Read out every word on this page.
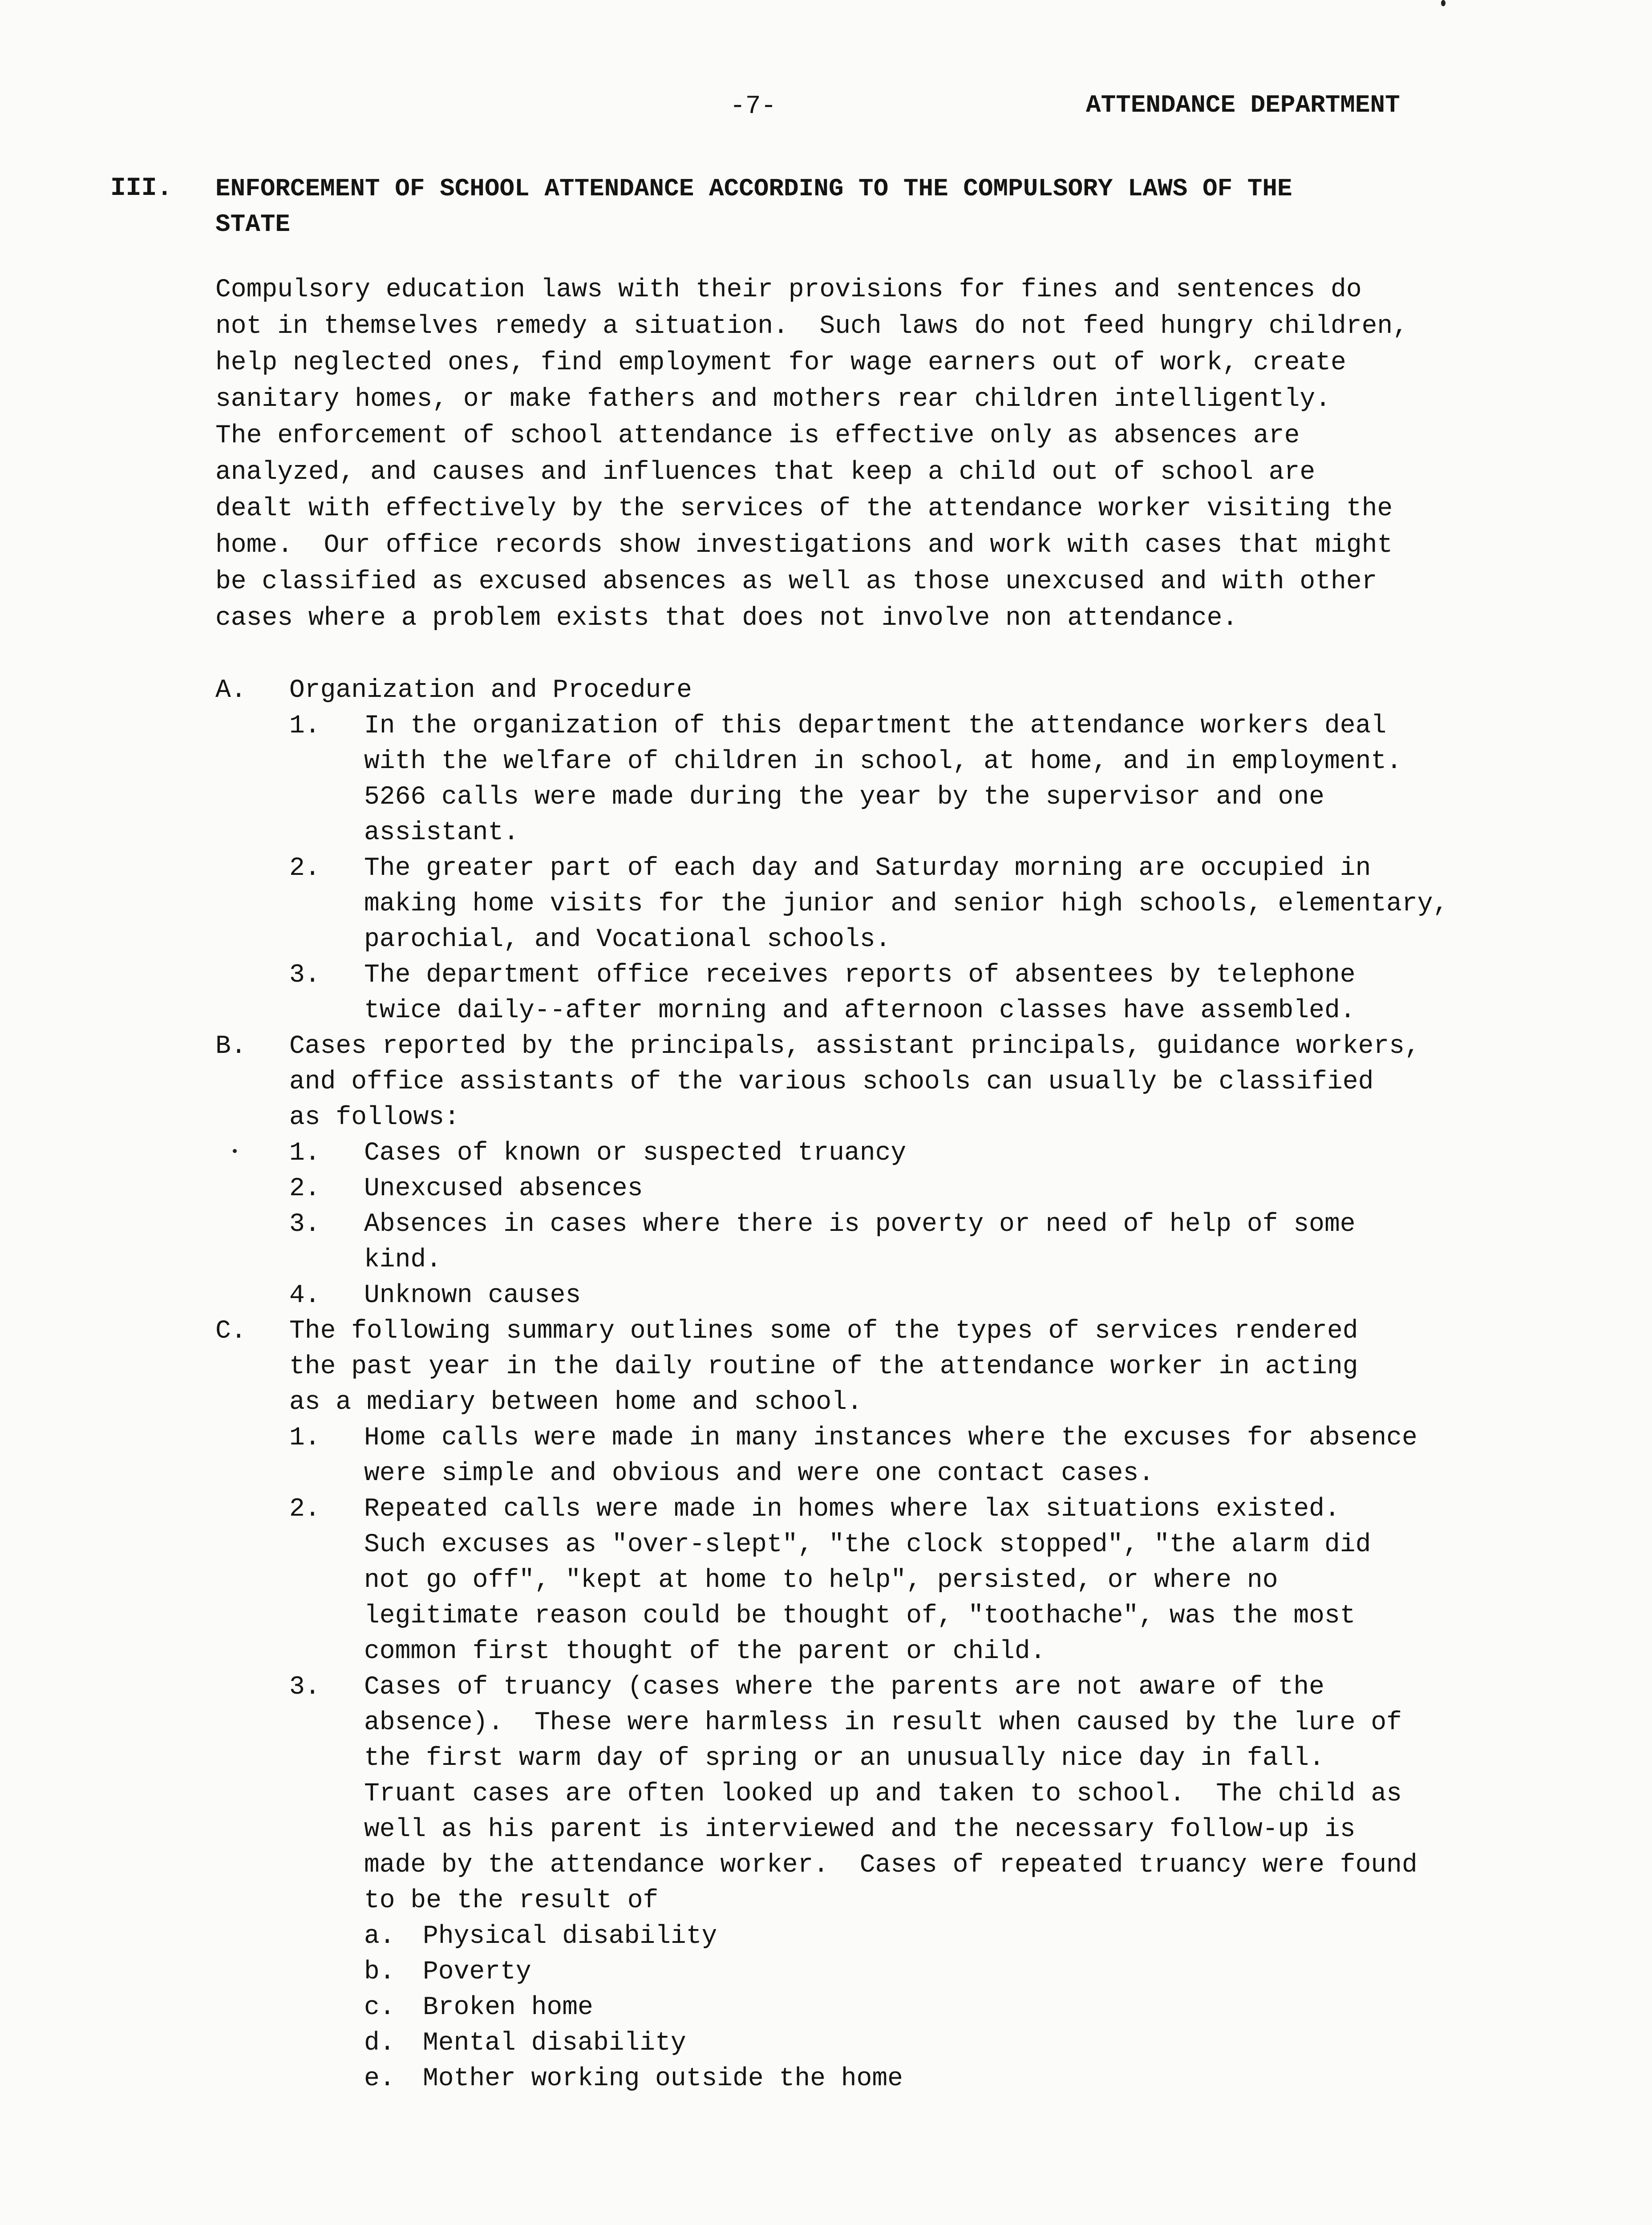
-7-	ATTENDANCE DEPARTMENT
III. ENFORCEMENT OF SCHOOL ATTENDANCE ACCORDING TO THE COMPULSORY LAWS OF THE
STATE
Compulsory education laws with their provisions for fines and sentences do
not in themselves remedy a situation.  Such laws do not feed hungry children,
help neglected ones, find employment for wage earners out of work, create
sanitary homes, or make fathers and mothers rear children intelligently.
The enforcement of school attendance is effective only as absences are
analyzed, and causes and influences that keep a child out of school are
dealt with effectively by the services of the attendance worker visiting the
home.  Our office records show investigations and work with cases that might
be classified as excused absences as well as those unexcused and with other
cases where a problem exists that does not involve non attendance.
A. Organization and Procedure
1. In the organization of this department the attendance workers deal
with the welfare of children in school, at home, and in employment.
5266 calls were made during the year by the supervisor and one
assistant.
2. The greater part of each day and Saturday morning are occupied in
making home visits for the junior and senior high schools, elementary,
parochial, and Vocational schools.
3. The department office receives reports of absentees by telephone
twice daily--after morning and afternoon classes have assembled.
B. Cases reported by the principals, assistant principals, guidance workers,
and office assistants of the various schools can usually be classified
as follows:
1. Cases of known or suspected truancy
2. Unexcused absences
3. Absences in cases where there is poverty or need of help of some
kind.
4. Unknown causes
C. The following summary outlines some of the types of services rendered
the past year in the daily routine of the attendance worker in acting
as a mediary between home and school.
1. Home calls were made in many instances where the excuses for absence
were simple and obvious and were one contact cases.
2. Repeated calls were made in homes where lax situations existed.
Such excuses as "over-slept", "the clock stopped", "the alarm did
not go off", "kept at home to help", persisted, or where no
legitimate reason could be thought of, "toothache", was the most
common first thought of the parent or child.
3. Cases of truancy (cases where the parents are not aware of the
absence).  These were harmless in result when caused by the lure of
the first warm day of spring or an unusually nice day in fall.
Truant cases are often looked up and taken to school.  The child as
well as his parent is interviewed and the necessary follow-up is
made by the attendance worker.  Cases of repeated truancy were found
to be the result of
a. Physical disability
b. Poverty
c. Broken home
d. Mental disability
e. Mother working outside the home
